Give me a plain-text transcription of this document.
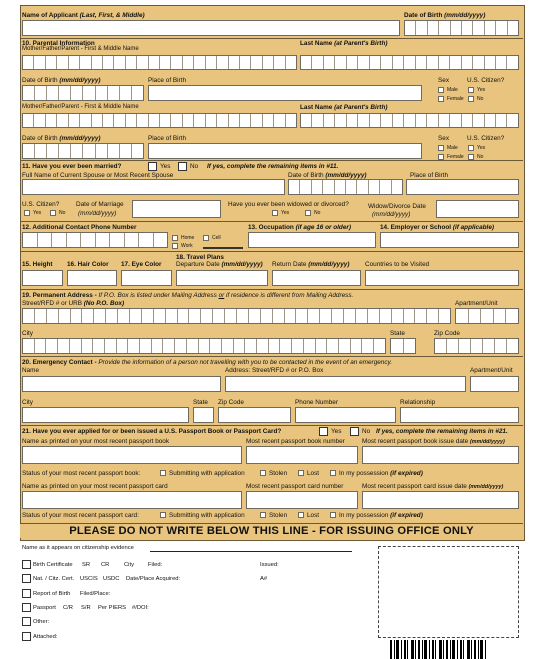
Name of Applicant (Last, First, & Middle)	Date of Birth (mm/dd/yyyy)
10. Parental Information
Mother/Father/Parent - First & Middle Name
Last Name (at Parent's Birth)
Date of Birth (mm/dd/yyyy)	Place of Birth	Sex	U.S. Citizen?
Male
Female
Yes
No
Mother/Father/Parent - First & Middle Name	Last Name (at Parent's Birth)
Date of Birth (mm/dd/yyyy)	Place of Birth	Sex	U.S. Citizen?
Male
Female
Yes
No
11. Have you ever been married?	Yes	No If yes, complete the remaining items in #11.
Full Name of Current Spouse or Most Recent Spouse	Date of Birth (mm/dd/yyyy)	Place of Birth
U.S. Citizen?
Yes	No
Date of Marriage
(mm/dd/yyyy)
Have you ever been widowed or divorced?
Yes	No
Widow/Divorce Date
(mm/dd/yyyy)
12. Additional Contact Phone Number
Home
Work
Cell
13. Occupation (if age 16 or older)	14. Employer or School (if applicable)
15. Height 16. Hair Color 17. Eye Color
18. Travel Plans
Departure Date (mm/dd/yyyy) Return Date (mm/dd/yyyy) Countries to be Visited
19. Permanent Address - If P.O. Box is listed under Mailing Address or if residence is different from Mailing Address.
Street/RFD # or URB (No P.O. Box)	Apartment/Unit
City	State	Zip Code
20. Emergency Contact - Provide the information of a person not travelling with you to be contacted in the event of an emergency.
Name	Address: Street/RFD # or P.O. Box	Apartment/Unit
City	State Zip Code	Phone Number	Relationship
21. Have you ever applied for or been issued a U.S. Passport Book or Passport Card?	Yes	No If yes, complete the remaining items in #21.
Name as printed on your most recent passport book	Most recent passport book number	Most recent passport book issue date (mm/dd/yyyy)
Status of your most recent passport book:	Submitting with application	Stolen	Lost	In my possession (if expired)
Name as printed on your most recent passport card	Most recent passport card number	Most recent passport card issue date (mm/dd/yyyy)
Status of your most recent passport card:	Submitting with application	Stolen	Lost	In my possession (if expired)
PLEASE DO NOT WRITE BELOW THIS LINE - FOR ISSUING OFFICE ONLY
Name as it appears on citizenship evidence
Birth Certificate SR CR	City Filed:	Issued:
Nat. / Citz. Cert. USCIS USDC Date/Place Acquired:	A#
Report of Birth Filed/Place:
Passport C/R S/R Per PIERS #/DOI:
Other:
Attached:
